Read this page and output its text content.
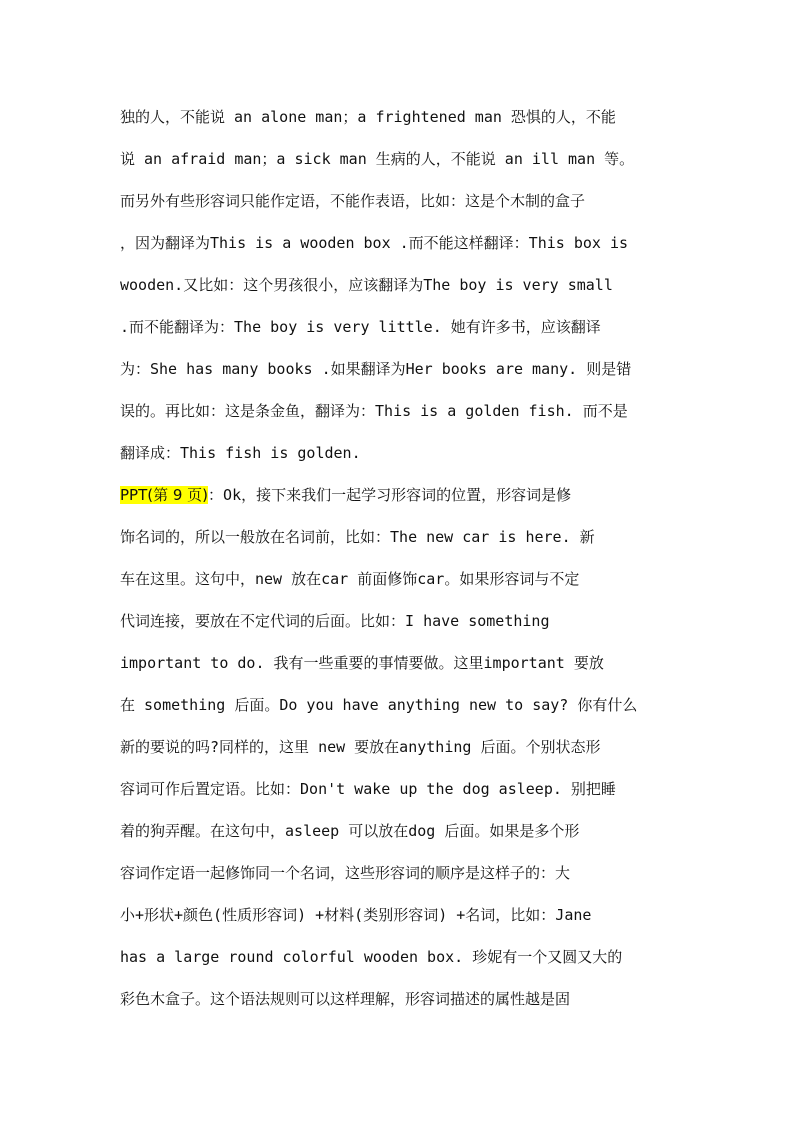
独的人，不能说 an alone man；a frightened man 恐惧的人，不能
说 an afraid man；a sick man 生病的人，不能说 an ill man 等。
而另外有些形容词只能作定语，不能作表语，比如：这是个木制的盒子
，因为翻译为This is a wooden box .而不能这样翻译：This box is
wooden.又比如：这个男孩很小，应该翻译为The boy is very small
.而不能翻译为：The boy is very little. 她有许多书，应该翻译
为：She has many books .如果翻译为Her books are many. 则是错
误的。再比如：这是条金鱼，翻译为：This is a golden fish. 而不是
翻译成：This fish is golden.
PPT(第 9 页)：Ok，接下来我们一起学习形容词的位置，形容词是修
饰名词的，所以一般放在名词前，比如：The new car is here. 新
车在这里。这句中，new 放在car 前面修饰car。如果形容词与不定
代词连接，要放在不定代词的后面。比如：I have something
important to do. 我有一些重要的事情要做。这里important 要放
在 something 后面。Do you have anything new to say? 你有什么
新的要说的吗?同样的，这里 new 要放在anything 后面。个别状态形
容词可作后置定语。比如：Don't wake up the dog asleep. 别把睡
着的狗弄醒。在这句中，asleep 可以放在dog 后面。如果是多个形
容词作定语一起修饰同一个名词，这些形容词的顺序是这样子的：大
小+形状+颜色(性质形容词) +材料(类别形容词) +名词，比如：Jane
has a large round colorful wooden box. 珍妮有一个又圆又大的
彩色木盒子。这个语法规则可以这样理解，形容词描述的属性越是固
